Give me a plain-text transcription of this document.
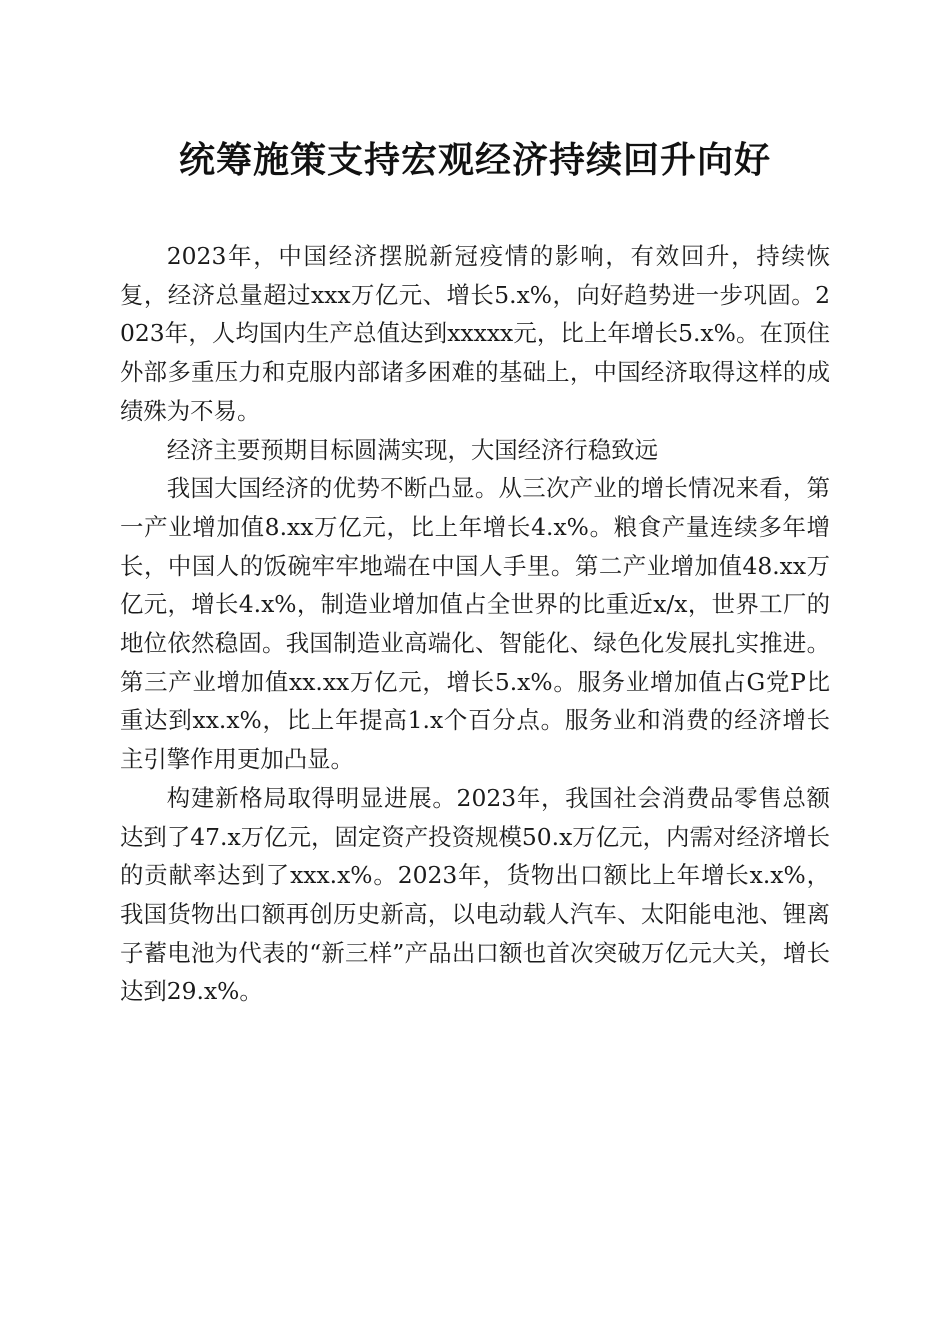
统筹施策支持宏观经济持续回升向好

2023年，中国经济摆脱新冠疫情的影响，有效回升，持续恢复，经济总量超过xxx万亿元、增长5.x%，向好趋势进一步巩固。2023年，人均国内生产总值达到xxxxx元，比上年增长5.x%。在顶住外部多重压力和克服内部诸多困难的基础上，中国经济取得这样的成绩殊为不易。

经济主要预期目标圆满实现，大国经济行稳致远

我国大国经济的优势不断凸显。从三次产业的增长情况来看，第一产业增加值8.xx万亿元，比上年增长4.x%。粮食产量连续多年增长，中国人的饭碗牢牢地端在中国人手里。第二产业增加值48.xx万亿元，增长4.x%，制造业增加值占全世界的比重近x/x，世界工厂的地位依然稳固。我国制造业高端化、智能化、绿色化发展扎实推进。第三产业增加值xx.xx万亿元，增长5.x%。服务业增加值占G党P比重达到xx.x%，比上年提高1.x个百分点。服务业和消费的经济增长主引擎作用更加凸显。

构建新格局取得明显进展。2023年，我国社会消费品零售总额达到了47.x万亿元，固定资产投资规模50.x万亿元，内需对经济增长的贡献率达到了xxx.x%。2023年，货物出口额比上年增长x.x%，我国货物出口额再创历史新高，以电动载人汽车、太阳能电池、锂离子蓄电池为代表的“新三样”产品出口额也首次突破万亿元大关，增长达到29.x%。
